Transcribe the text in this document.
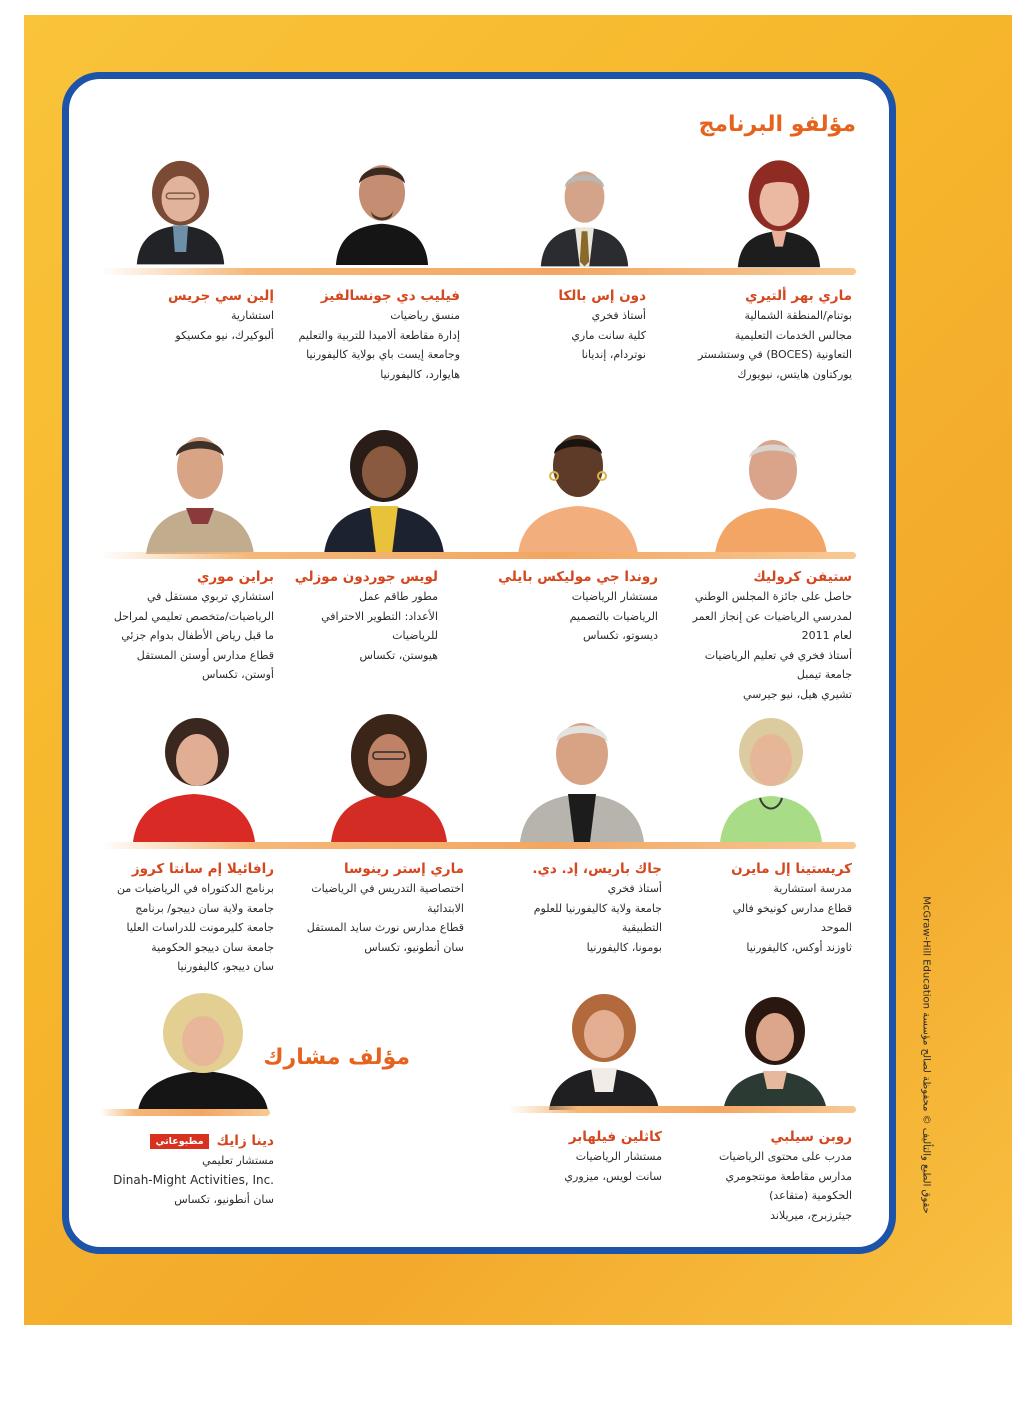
مؤلفو البرنامج
ماري بهر ألتيري
بوتنام/المنطقة الشمالية
مجالس الخدمات التعليمية
التعاونية (BOCES) في وستشستر
يوركتاون هايتس، نيويورك
دون إس بالكا
أستاذ فخري
كلية سانت ماري
نوتردام، إنديانا
فيليب دي جونسالفيز
منسق رياضيات
إدارة مقاطعة ألاميدا للتربية والتعليم
وجامعة إيست باي بولاية كاليفورنيا
هايوارد، كاليفورنيا
إلين سي جريس
استشارية
ألبوكيرك، نيو مكسيكو
ستيفن كروليك
حاصل على جائزة المجلس الوطني
لمدرسي الرياضيات عن إنجاز العمر
لعام 2011
أستاذ فخري في تعليم الرياضيات
جامعة تيمبل
تشيري هيل، نيو جيرسي
روندا جي موليكس بايلي
مستشار الرياضيات
الرياضيات بالتصميم
ديسوتو، تكساس
لويس جوردون موزلي
مطور طاقم عمل
الأعداد: التطوير الاحترافي
للرياضيات
هيوستن، تكساس
براين موري
استشاري تربوي مستقل في
الرياضيات/متخصص تعليمي لمراحل
ما قبل رياض الأطفال بدوام جزئي
قطاع مدارس أوستن المستقل
أوستن، تكساس
كريستينا إل مايرن
مدرسة استشارية
قطاع مدارس كونيخو فالي
الموحد
ثاوزند أوكس، كاليفورنيا
جاك باريس، إد. دي.
أستاذ فخري
جامعة ولاية كاليفورنيا للعلوم
التطبيقية
بومونا، كاليفورنيا
ماري إستر رينوسا
اختصاصية التدريس في الرياضيات
الابتدائية
قطاع مدارس نورث سايد المستقل
سان أنطونيو، تكساس
رافائيلا إم سانتا كروز
برنامج الدكتوراه في الرياضيات من
جامعة ولاية سان دييجو/ برنامج
جامعة كليرمونت للدراسات العليا
جامعة سان دييجو الحكومية
سان دييجو، كاليفورنيا
مؤلف مشارك
دينا زايكمطبوعاتي
مستشار تعليمي
Dinah-Might Activities, Inc.
سان أنطونيو، تكساس
روبن سيلبي
مدرب على محتوى الرياضيات
مدارس مقاطعة مونتجومري
الحكومية (متقاعد)
جيثرزبرج، ميريلاند
كاثلين فيلهابر
مستشار الرياضيات
سانت لويس، ميزوري
حقوق الطبع والتأليف © محفوظة لصالح مؤسسة McGraw-Hill Education
